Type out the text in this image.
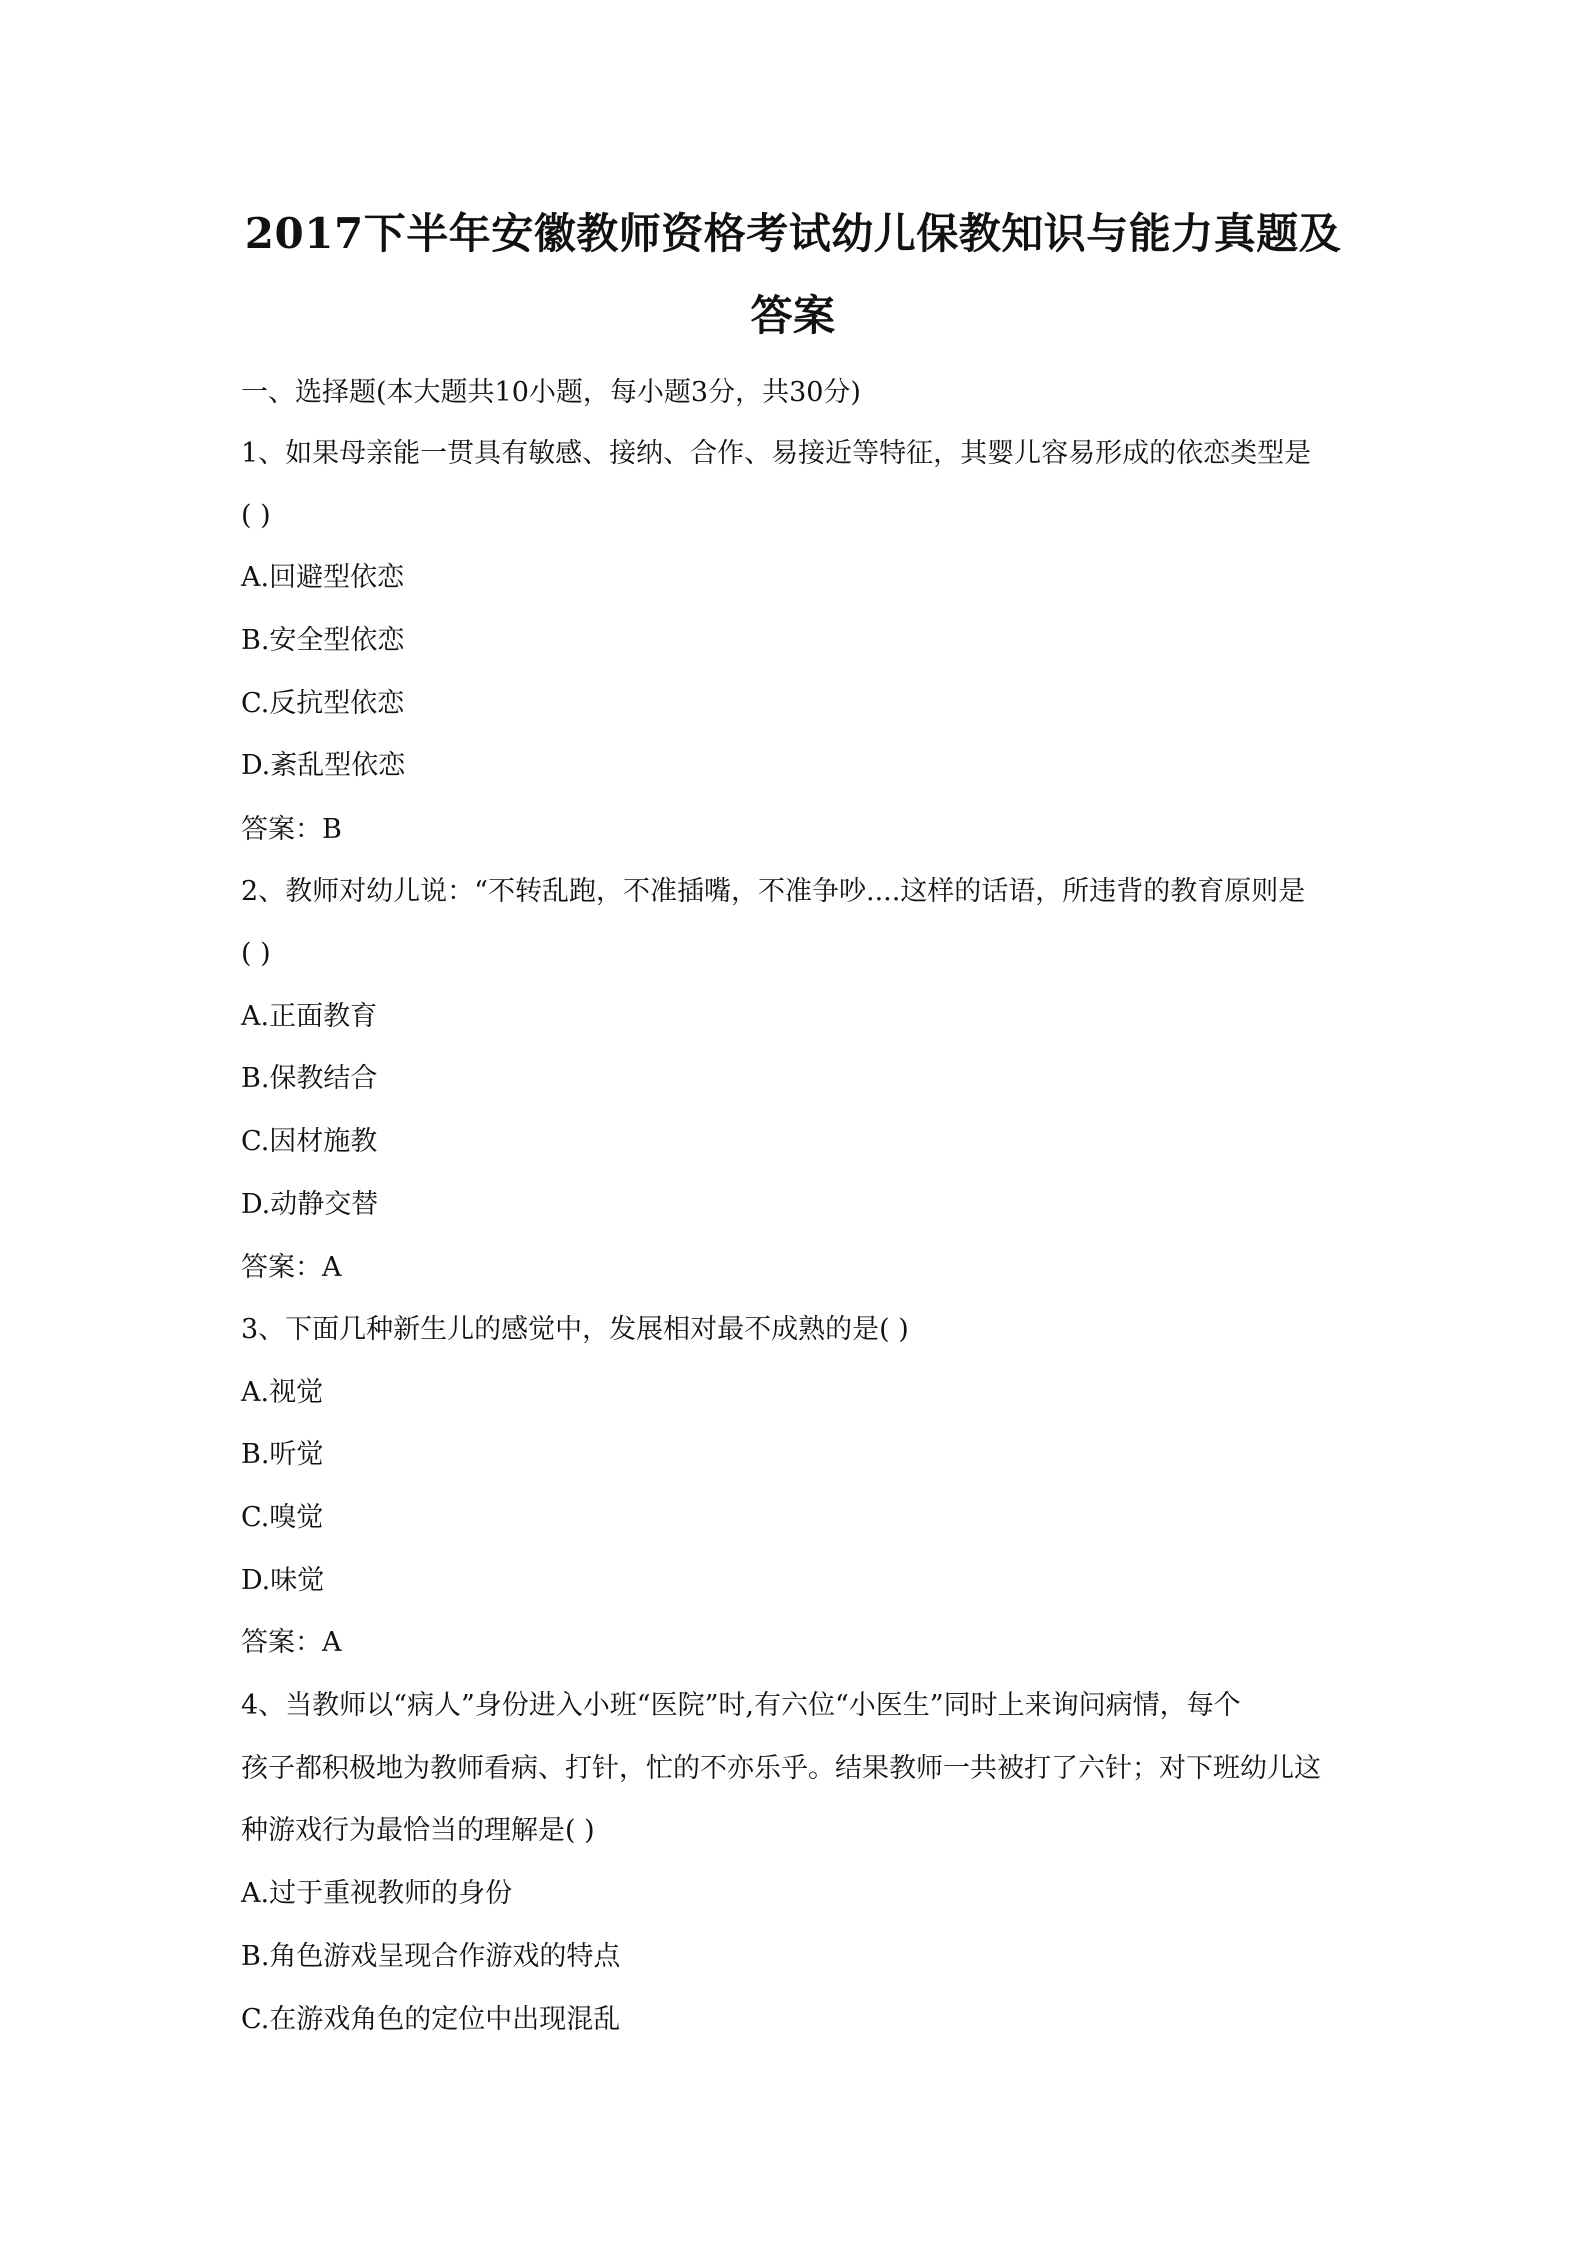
2017下半年安徽教师资格考试幼儿保教知识与能力真题及
答案
一、选择题(本大题共10小题，每小题3分，共30分)
1、如果母亲能一贯具有敏感、接纳、合作、易接近等特征，其婴儿容易形成的依恋类型是
( )
A.回避型依恋
B.安全型依恋
C.反抗型依恋
D.紊乱型依恋
答案：B
2、教师对幼儿说：“不转乱跑，不准插嘴，不准争吵....这样的话语，所违背的教育原则是
( )
A.正面教育
B.保教结合
C.因材施教
D.动静交替
答案：A
3、下面几种新生儿的感觉中，发展相对最不成熟的是( )
A.视觉
B.听觉
C.嗅觉
D.味觉
答案：A
4、当教师以“病人”身份进入小班“医院”时,有六位“小医生”同时上来询问病情，每个
孩子都积极地为教师看病、打针，忙的不亦乐乎。结果教师一共被打了六针；对下班幼儿这
种游戏行为最恰当的理解是( )
A.过于重视教师的身份
B.角色游戏呈现合作游戏的特点
C.在游戏角色的定位中出现混乱
